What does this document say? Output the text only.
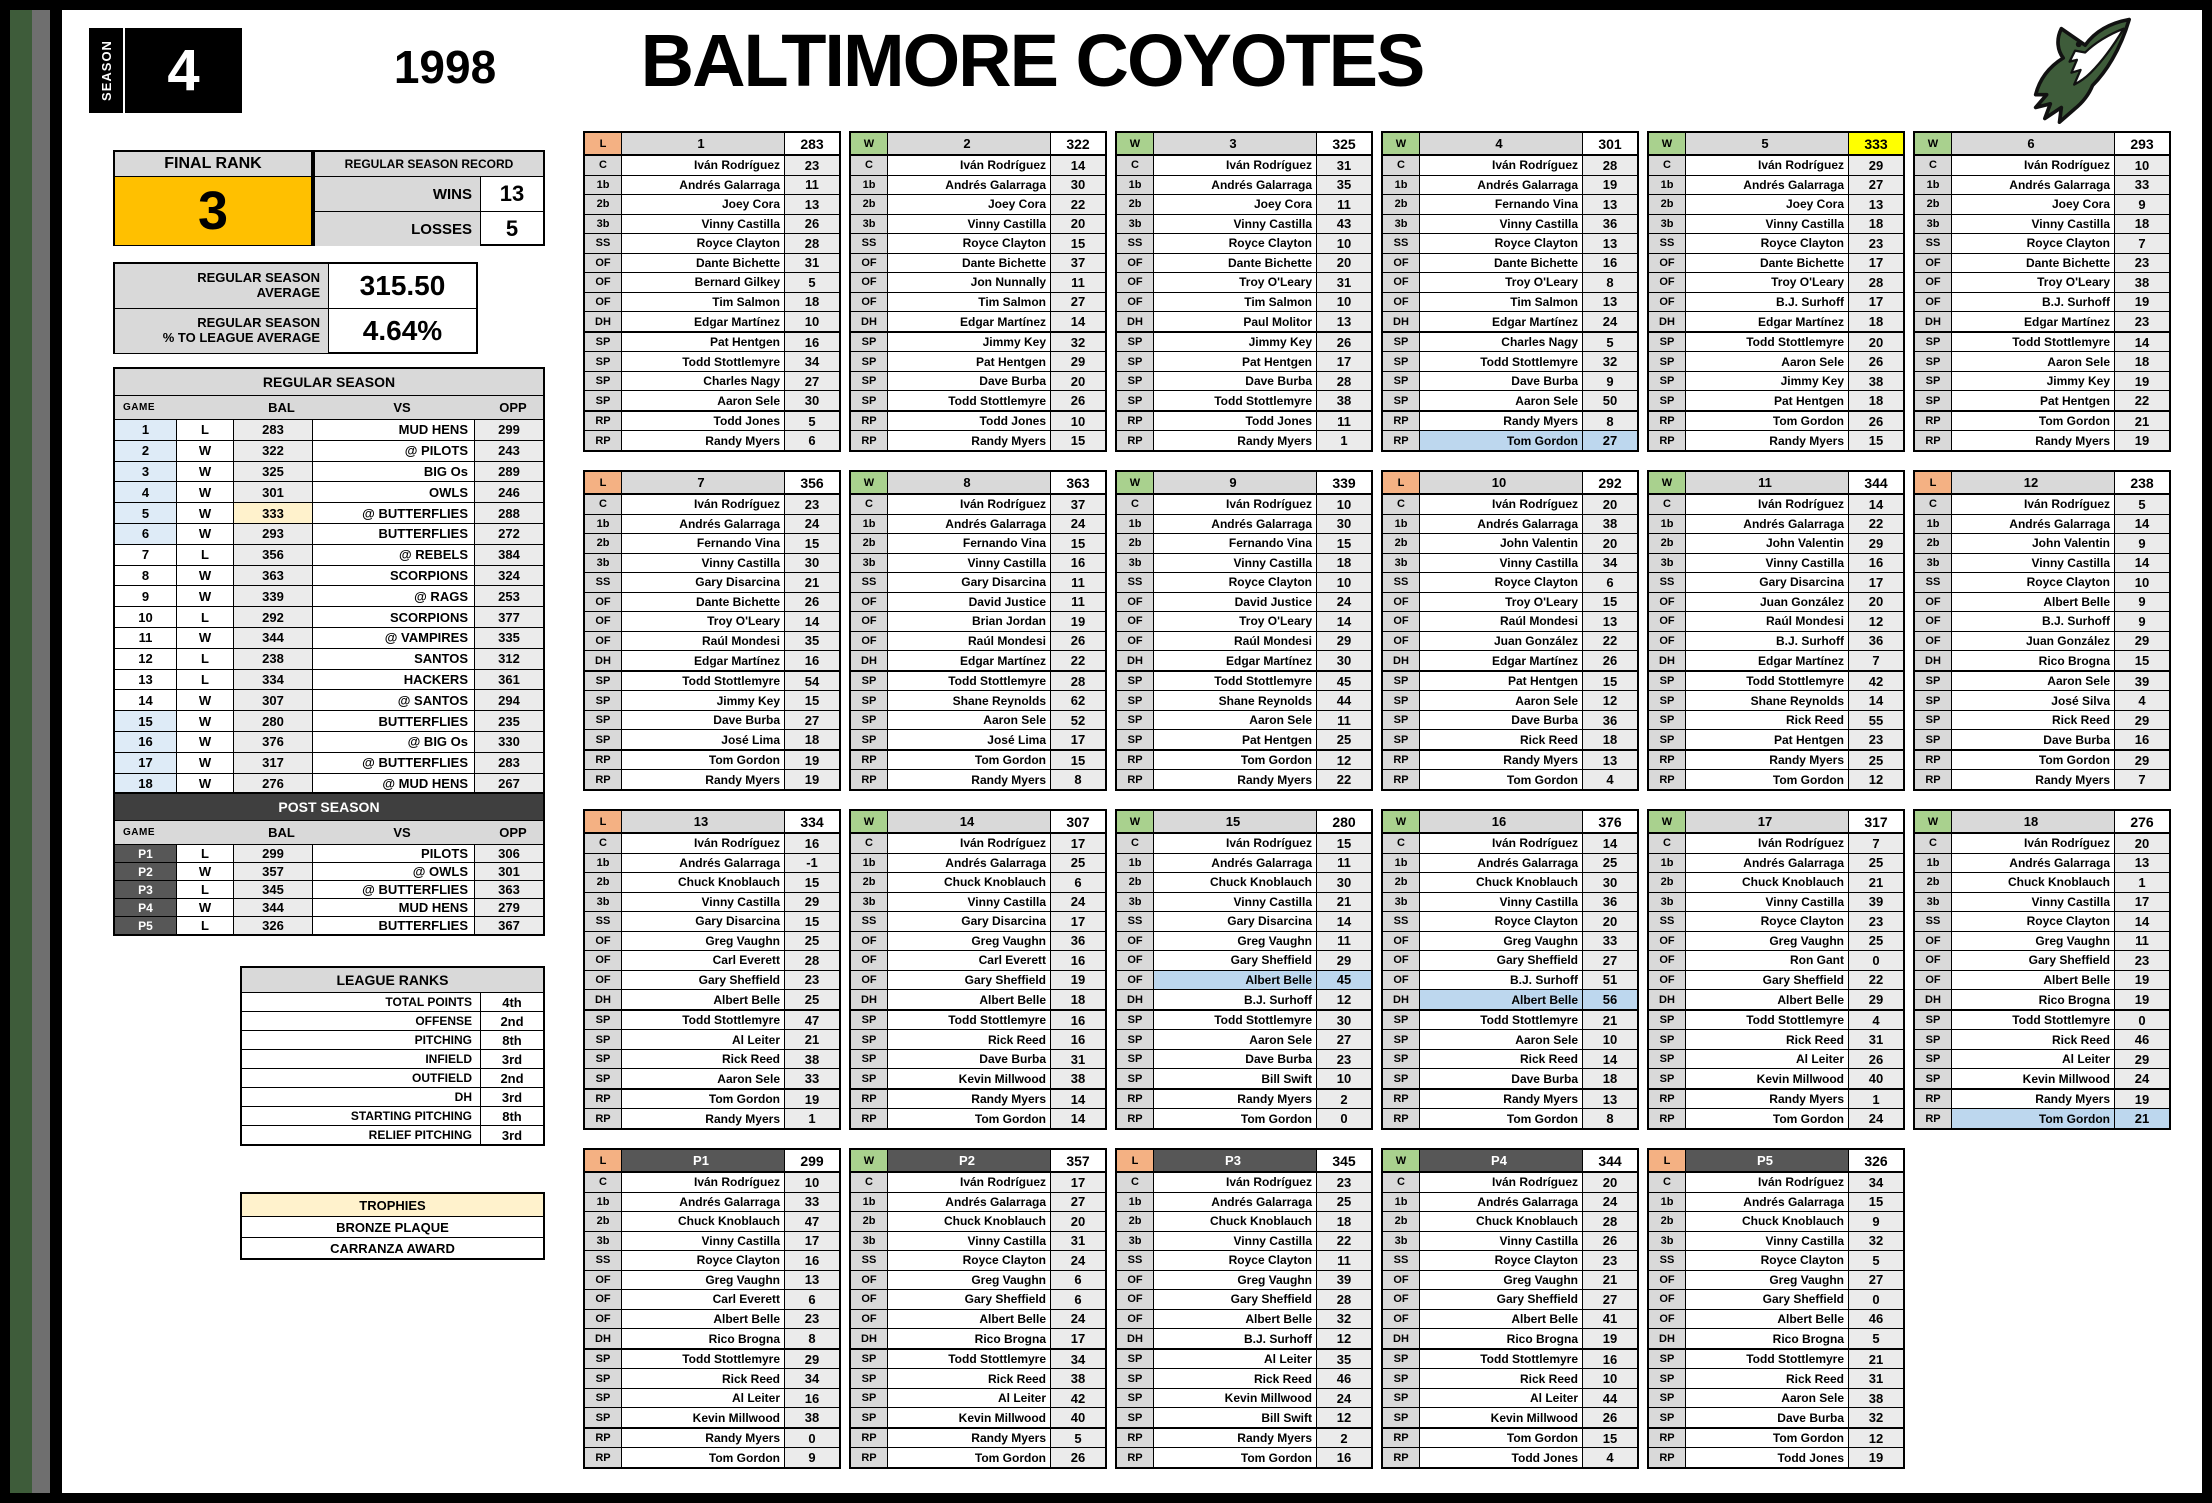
SEASON 4	1998	BALTIMORE COYOTES
FINAL RANK
3
REGULAR SEASON RECORD
WINS	13
LOSSES	5
REGULAR SEASON
AVERAGE	315.50
REGULAR SEASON
% TO LEAGUE AVERAGE	4.64%
REGULAR SEASON
GAME	BAL	VS	OPP
1	L	283	MUD HENS	299
2	W	322	@ PILOTS	243
3	W	325	BIG Os	289
4	W	301	OWLS	246
5	W	333	@ BUTTERFLIES	288
6	W	293	BUTTERFLIES	272
7	L	356	@ REBELS	384
8	W	363	SCORPIONS	324
9	W	339	@ RAGS	253
10	L	292	SCORPIONS	377
11	W	344	@ VAMPIRES	335
12	L	238	SANTOS	312
13	L	334	HACKERS	361
14	W	307	@ SANTOS	294
15	W	280	BUTTERFLIES	235
16	W	376	@ BIG Os	330
17	W	317	@ BUTTERFLIES	283
18	W	276	@ MUD HENS	267
POST SEASON
GAME	BAL	VS	OPP
P1	L	299	PILOTS	306
P2	W	357	@ OWLS	301
P3	L	345	@ BUTTERFLIES	363
P4	W	344	MUD HENS	279
P5	L	326	BUTTERFLIES	367
LEAGUE RANKS
TOTAL POINTS	4th
OFFENSE	2nd
PITCHING	8th
INFIELD	3rd
OUTFIELD	2nd
DH	3rd
STARTING PITCHING	8th
RELIEF PITCHING	3rd
TROPHIES
BRONZE PLAQUE
CARRANZA AWARD
L	1	283
C	Iván Rodríguez	23
1b	Andrés Galarraga	11
2b	Joey Cora	13
3b	Vinny Castilla	26
SS	Royce Clayton	28
OF	Dante Bichette	31
OF	Bernard Gilkey	5
OF	Tim Salmon	18
DH	Edgar Martínez	10
SP	Pat Hentgen	16
SP	Todd Stottlemyre	34
SP	Charles Nagy	27
SP	Aaron Sele	30
RP	Todd Jones	5
RP	Randy Myers	6
W	2	322
C	Iván Rodríguez	14
1b	Andrés Galarraga	30
2b	Joey Cora	22
3b	Vinny Castilla	20
SS	Royce Clayton	15
OF	Dante Bichette	37
OF	Jon Nunnally	11
OF	Tim Salmon	27
DH	Edgar Martínez	14
SP	Jimmy Key	32
SP	Pat Hentgen	29
SP	Dave Burba	20
SP	Todd Stottlemyre	26
RP	Todd Jones	10
RP	Randy Myers	15
W	3	325
C	Iván Rodríguez	31
1b	Andrés Galarraga	35
2b	Joey Cora	11
3b	Vinny Castilla	43
SS	Royce Clayton	10
OF	Dante Bichette	20
OF	Troy O'Leary	31
OF	Tim Salmon	10
DH	Paul Molitor	13
SP	Jimmy Key	26
SP	Pat Hentgen	17
SP	Dave Burba	28
SP	Todd Stottlemyre	38
RP	Todd Jones	11
RP	Randy Myers	1
W	4	301
C	Iván Rodríguez	28
1b	Andrés Galarraga	19
2b	Fernando Vina	13
3b	Vinny Castilla	36
SS	Royce Clayton	13
OF	Dante Bichette	16
OF	Troy O'Leary	8
OF	Tim Salmon	13
DH	Edgar Martínez	24
SP	Charles Nagy	5
SP	Todd Stottlemyre	32
SP	Dave Burba	9
SP	Aaron Sele	50
RP	Randy Myers	8
RP	Tom Gordon	27
W	5	333
C	Iván Rodríguez	29
1b	Andrés Galarraga	27
2b	Joey Cora	13
3b	Vinny Castilla	18
SS	Royce Clayton	23
OF	Dante Bichette	17
OF	Troy O'Leary	28
OF	B.J. Surhoff	17
DH	Edgar Martínez	18
SP	Todd Stottlemyre	20
SP	Aaron Sele	26
SP	Jimmy Key	38
SP	Pat Hentgen	18
RP	Tom Gordon	26
RP	Randy Myers	15
W	6	293
C	Iván Rodríguez	10
1b	Andrés Galarraga	33
2b	Joey Cora	9
3b	Vinny Castilla	18
SS	Royce Clayton	7
OF	Dante Bichette	23
OF	Troy O'Leary	38
OF	B.J. Surhoff	19
DH	Edgar Martínez	23
SP	Todd Stottlemyre	14
SP	Aaron Sele	18
SP	Jimmy Key	19
SP	Pat Hentgen	22
RP	Tom Gordon	21
RP	Randy Myers	19
L	7	356
C	Iván Rodríguez	23
1b	Andrés Galarraga	24
2b	Fernando Vina	15
3b	Vinny Castilla	30
SS	Gary Disarcina	21
OF	Dante Bichette	26
OF	Troy O'Leary	14
OF	Raúl Mondesi	35
DH	Edgar Martínez	16
SP	Todd Stottlemyre	54
SP	Jimmy Key	15
SP	Dave Burba	27
SP	José Lima	18
RP	Tom Gordon	19
RP	Randy Myers	19
W	8	363
C	Iván Rodríguez	37
1b	Andrés Galarraga	24
2b	Fernando Vina	15
3b	Vinny Castilla	16
SS	Gary Disarcina	11
OF	David Justice	11
OF	Brian Jordan	19
OF	Raúl Mondesi	26
DH	Edgar Martínez	22
SP	Todd Stottlemyre	28
SP	Shane Reynolds	62
SP	Aaron Sele	52
SP	José Lima	17
RP	Tom Gordon	15
RP	Randy Myers	8
W	9	339
C	Iván Rodríguez	10
1b	Andrés Galarraga	30
2b	Fernando Vina	15
3b	Vinny Castilla	18
SS	Royce Clayton	10
OF	David Justice	24
OF	Troy O'Leary	14
OF	Raúl Mondesi	29
DH	Edgar Martínez	30
SP	Todd Stottlemyre	45
SP	Shane Reynolds	44
SP	Aaron Sele	11
SP	Pat Hentgen	25
RP	Tom Gordon	12
RP	Randy Myers	22
L	10	292
C	Iván Rodríguez	20
1b	Andrés Galarraga	38
2b	John Valentin	20
3b	Vinny Castilla	34
SS	Royce Clayton	6
OF	Troy O'Leary	15
OF	Raúl Mondesi	13
OF	Juan González	22
DH	Edgar Martínez	26
SP	Pat Hentgen	15
SP	Aaron Sele	12
SP	Dave Burba	36
SP	Rick Reed	18
RP	Randy Myers	13
RP	Tom Gordon	4
W	11	344
C	Iván Rodríguez	14
1b	Andrés Galarraga	22
2b	John Valentin	29
3b	Vinny Castilla	16
SS	Gary Disarcina	17
OF	Juan González	20
OF	Raúl Mondesi	12
OF	B.J. Surhoff	36
DH	Edgar Martínez	7
SP	Todd Stottlemyre	42
SP	Shane Reynolds	14
SP	Rick Reed	55
SP	Pat Hentgen	23
RP	Randy Myers	25
RP	Tom Gordon	12
L	12	238
C	Iván Rodríguez	5
1b	Andrés Galarraga	14
2b	John Valentin	9
3b	Vinny Castilla	14
SS	Royce Clayton	10
OF	Albert Belle	9
OF	B.J. Surhoff	9
OF	Juan González	29
DH	Rico Brogna	15
SP	Aaron Sele	39
SP	José Silva	4
SP	Rick Reed	29
SP	Dave Burba	16
RP	Tom Gordon	29
RP	Randy Myers	7
L	13	334
C	Iván Rodríguez	16
1b	Andrés Galarraga	-1
2b	Chuck Knoblauch	15
3b	Vinny Castilla	29
SS	Gary Disarcina	15
OF	Greg Vaughn	25
OF	Carl Everett	28
OF	Gary Sheffield	23
DH	Albert Belle	25
SP	Todd Stottlemyre	47
SP	Al Leiter	21
SP	Rick Reed	38
SP	Aaron Sele	33
RP	Tom Gordon	19
RP	Randy Myers	1
W	14	307
C	Iván Rodríguez	17
1b	Andrés Galarraga	25
2b	Chuck Knoblauch	6
3b	Vinny Castilla	24
SS	Gary Disarcina	17
OF	Greg Vaughn	36
OF	Carl Everett	16
OF	Gary Sheffield	19
DH	Albert Belle	18
SP	Todd Stottlemyre	16
SP	Rick Reed	16
SP	Dave Burba	31
SP	Kevin Millwood	38
RP	Randy Myers	14
RP	Tom Gordon	14
W	15	280
C	Iván Rodríguez	15
1b	Andrés Galarraga	11
2b	Chuck Knoblauch	30
3b	Vinny Castilla	21
SS	Gary Disarcina	14
OF	Greg Vaughn	11
OF	Gary Sheffield	29
OF	Albert Belle	45
DH	B.J. Surhoff	12
SP	Todd Stottlemyre	30
SP	Aaron Sele	27
SP	Dave Burba	23
SP	Bill Swift	10
RP	Randy Myers	2
RP	Tom Gordon	0
W	16	376
C	Iván Rodríguez	14
1b	Andrés Galarraga	25
2b	Chuck Knoblauch	30
3b	Vinny Castilla	36
SS	Royce Clayton	20
OF	Greg Vaughn	33
OF	Gary Sheffield	27
OF	B.J. Surhoff	51
DH	Albert Belle	56
SP	Todd Stottlemyre	21
SP	Aaron Sele	10
SP	Rick Reed	14
SP	Dave Burba	18
RP	Randy Myers	13
RP	Tom Gordon	8
W	17	317
C	Iván Rodríguez	7
1b	Andrés Galarraga	25
2b	Chuck Knoblauch	21
3b	Vinny Castilla	39
SS	Royce Clayton	23
OF	Greg Vaughn	25
OF	Ron Gant	0
OF	Gary Sheffield	22
DH	Albert Belle	29
SP	Todd Stottlemyre	4
SP	Rick Reed	31
SP	Al Leiter	26
SP	Kevin Millwood	40
RP	Randy Myers	1
RP	Tom Gordon	24
W	18	276
C	Iván Rodríguez	20
1b	Andrés Galarraga	13
2b	Chuck Knoblauch	1
3b	Vinny Castilla	17
SS	Royce Clayton	14
OF	Greg Vaughn	11
OF	Gary Sheffield	23
OF	Albert Belle	19
DH	Rico Brogna	19
SP	Todd Stottlemyre	0
SP	Rick Reed	46
SP	Al Leiter	29
SP	Kevin Millwood	24
RP	Randy Myers	19
RP	Tom Gordon	21
L	P1	299
C	Iván Rodríguez	10
1b	Andrés Galarraga	33
2b	Chuck Knoblauch	47
3b	Vinny Castilla	17
SS	Royce Clayton	16
OF	Greg Vaughn	13
OF	Carl Everett	6
OF	Albert Belle	23
DH	Rico Brogna	8
SP	Todd Stottlemyre	29
SP	Rick Reed	34
SP	Al Leiter	16
SP	Kevin Millwood	38
RP	Randy Myers	0
RP	Tom Gordon	9
W	P2	357
C	Iván Rodríguez	17
1b	Andrés Galarraga	27
2b	Chuck Knoblauch	20
3b	Vinny Castilla	31
SS	Royce Clayton	24
OF	Greg Vaughn	6
OF	Gary Sheffield	6
OF	Albert Belle	24
DH	Rico Brogna	17
SP	Todd Stottlemyre	34
SP	Rick Reed	38
SP	Al Leiter	42
SP	Kevin Millwood	40
RP	Randy Myers	5
RP	Tom Gordon	26
L	P3	345
C	Iván Rodríguez	23
1b	Andrés Galarraga	25
2b	Chuck Knoblauch	18
3b	Vinny Castilla	22
SS	Royce Clayton	11
OF	Greg Vaughn	39
OF	Gary Sheffield	28
OF	Albert Belle	32
DH	B.J. Surhoff	12
SP	Al Leiter	35
SP	Rick Reed	46
SP	Kevin Millwood	24
SP	Bill Swift	12
RP	Randy Myers	2
RP	Tom Gordon	16
W	P4	344
C	Iván Rodríguez	20
1b	Andrés Galarraga	24
2b	Chuck Knoblauch	28
3b	Vinny Castilla	26
SS	Royce Clayton	23
OF	Greg Vaughn	21
OF	Gary Sheffield	27
OF	Albert Belle	41
DH	Rico Brogna	19
SP	Todd Stottlemyre	16
SP	Rick Reed	10
SP	Al Leiter	44
SP	Kevin Millwood	26
RP	Tom Gordon	15
RP	Todd Jones	4
L	P5	326
C	Iván Rodríguez	34
1b	Andrés Galarraga	15
2b	Chuck Knoblauch	9
3b	Vinny Castilla	32
SS	Royce Clayton	5
OF	Greg Vaughn	27
OF	Gary Sheffield	0
OF	Albert Belle	46
DH	Rico Brogna	5
SP	Todd Stottlemyre	21
SP	Rick Reed	31
SP	Aaron Sele	38
SP	Dave Burba	32
RP	Tom Gordon	12
RP	Todd Jones	19
